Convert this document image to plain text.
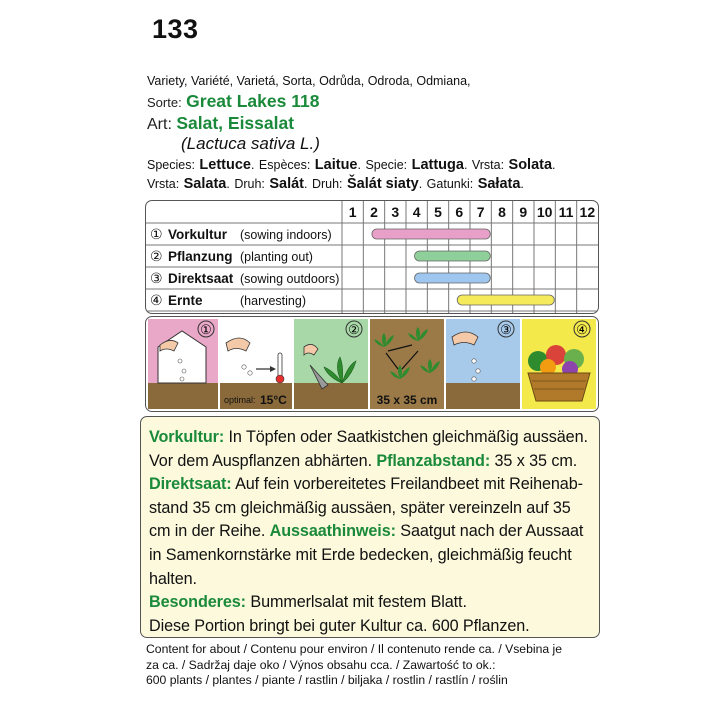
133
Variety, Variété, Varietá, Sorta, Odrůda, Odroda, Odmiana,
Sorte: Great Lakes 118
Art: Salat, Eissalat
(Lactuca sativa L.)
Species: Lettuce. Espèces: Laitue. Specie: Lattuga. Vrsta: Solata.
Vrsta: Salata. Druh: Salát. Druh: Šalát siaty. Gatunki: Sałata.
1 2 3 4 5 6 7 8 9 10 11 12
① Vorkultur (sowing indoors)
② Pflanzung (planting out)
③ Direktsaat (sowing outdoors)
④ Ernte	(harvesting)
①
optimal: 15°C
②
35 x 35 cm
③	④
Vorkultur: In Töpfen oder Saatkistchen gleichmäßig aussäen. Vor dem Auspflanzen abhärten. Pflanzabstand: 35 x 35 cm.
Direktsaat: Auf fein vorbereitetes Freilandbeet mit Reihenabstand 35 cm gleichmäßig aussäen, später vereinzeln auf 35 cm in der Reihe. Aussaathinweis: Saatgut nach der Aussaat in Samenkornstärke mit Erde bedecken, gleichmäßig feucht halten.
Besonderes: Bummerlsalat mit festem Blatt.
Diese Portion bringt bei guter Kultur ca. 600 Pflanzen.
Content for about / Contenu pour environ / Il contenuto rende ca. / Vsebina je
za ca. / Sadržaj daje oko / Výnos obsahu cca. / Zawartość to ok.:
600 plants / plantes / piante / rastlin / biljaka / rostlin / rastlín / roślin
